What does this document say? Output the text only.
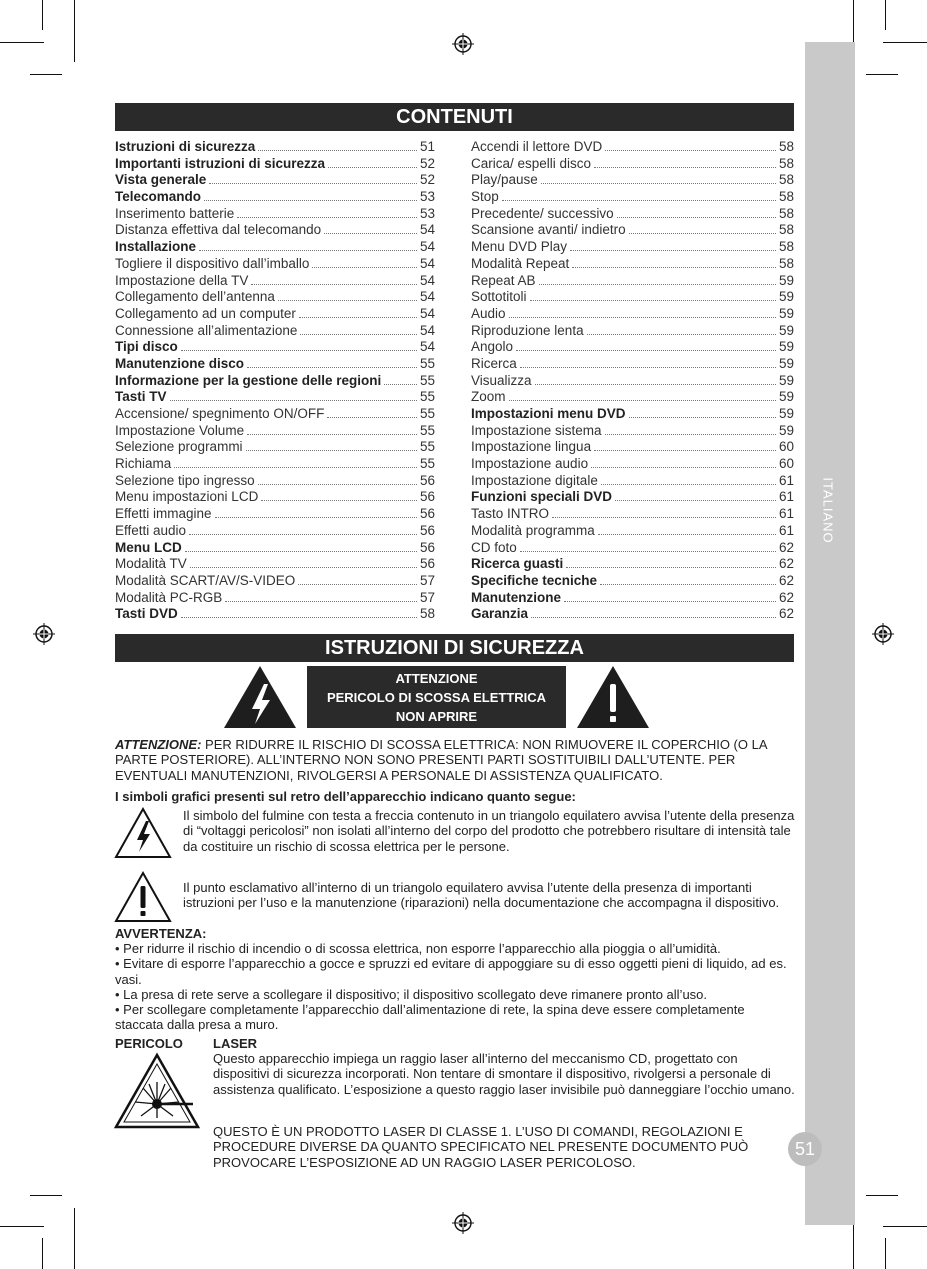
ITALIANO
51
CONTENUTI
Istruzioni di sicurezza	51
Importanti istruzioni di sicurezza	52
Vista generale	52
Telecomando	53
Inserimento batterie	53
Distanza effettiva dal telecomando	54
Installazione	54
Togliere il dispositivo dall’imballo	54
Impostazione della TV	54
Collegamento dell’antenna	54
Collegamento ad un computer	54
Connessione all’alimentazione	54
Tipi disco	54
Manutenzione disco	55
Informazione per la gestione delle regioni	55
Tasti TV	55
Accensione/ spegnimento ON/OFF	55
Impostazione Volume	55
Selezione programmi	55
Richiama	55
Selezione tipo ingresso	56
Menu impostazioni LCD	56
Effetti immagine	56
Effetti audio	56
Menu LCD	56
Modalità TV	56
Modalità SCART/AV/S-VIDEO	57
Modalità PC-RGB	57
Tasti DVD	58
Accendi il lettore DVD	58
Carica/ espelli disco	58
Play/pause	58
Stop	58
Precedente/ successivo	58
Scansione avanti/ indietro	58
Menu DVD Play	58
Modalità Repeat	58
Repeat AB	59
Sottotitoli	59
Audio	59
Riproduzione lenta	59
Angolo	59
Ricerca	59
Visualizza	59
Zoom	59
Impostazioni menu DVD	59
Impostazione sistema	59
Impostazione lingua	60
Impostazione audio	60
Impostazione digitale	61
Funzioni speciali DVD	61
Tasto INTRO	61
Modalità programma	61
CD foto	62
Ricerca guasti	62
Specifiche tecniche	62
Manutenzione	62
Garanzia	62
ISTRUZIONI DI SICUREZZA
ATTENZIONE
PERICOLO DI SCOSSA ELETTRICA
NON APRIRE
ATTENZIONE: PER RIDURRE IL RISCHIO DI SCOSSA ELETTRICA: NON RIMUOVERE IL COPERCHIO (O LA PARTE POSTERIORE). ALL’INTERNO NON SONO PRESENTI PARTI SOSTITUIBILI DALL’UTENTE. PER EVENTUALI MANUTENZIONI, RIVOLGERSI A PERSONALE DI ASSISTENZA QUALIFICATO.
I simboli grafici presenti sul retro dell’apparecchio indicano quanto segue:
Il simbolo del fulmine con testa a freccia contenuto in un triangolo equilatero avvisa l’utente della presenza di “voltaggi pericolosi” non isolati all’interno del corpo del prodotto che potrebbero risultare di intensità tale da costituire un rischio di scossa elettrica per le persone.
Il punto esclamativo all’interno di un triangolo equilatero avvisa l’utente della presenza di importanti istruzioni per l’uso e la manutenzione (riparazioni) nella documentazione che accompagna il dispositivo.
AVVERTENZA:
• Per ridurre il rischio di incendio o di scossa elettrica, non esporre l’apparecchio alla pioggia o all’umidità.
• Evitare di esporre l’apparecchio a gocce e spruzzi ed evitare di appoggiare su di esso oggetti pieni di liquido, ad es. vasi.
• La presa di rete serve a scollegare il dispositivo; il dispositivo scollegato deve rimanere pronto all’uso.
• Per scollegare completamente l’apparecchio dall’alimentazione di rete, la spina deve essere completamente staccata dalla presa a muro.
PERICOLO LASER
Questo apparecchio impiega un raggio laser all’interno del meccanismo CD, progettato con dispositivi di sicurezza incorporati. Non tentare di smontare il dispositivo, rivolgersi a personale di assistenza qualificato. L’esposizione a questo raggio laser invisibile può danneggiare l’occhio umano.
QUESTO È UN PRODOTTO LASER DI CLASSE 1. L’USO DI COMANDI, REGOLAZIONI E PROCEDURE DIVERSE DA QUANTO SPECIFICATO NEL PRESENTE DOCUMENTO PUÒ PROVOCARE L’ESPOSIZIONE AD UN RAGGIO LASER PERICOLOSO.
